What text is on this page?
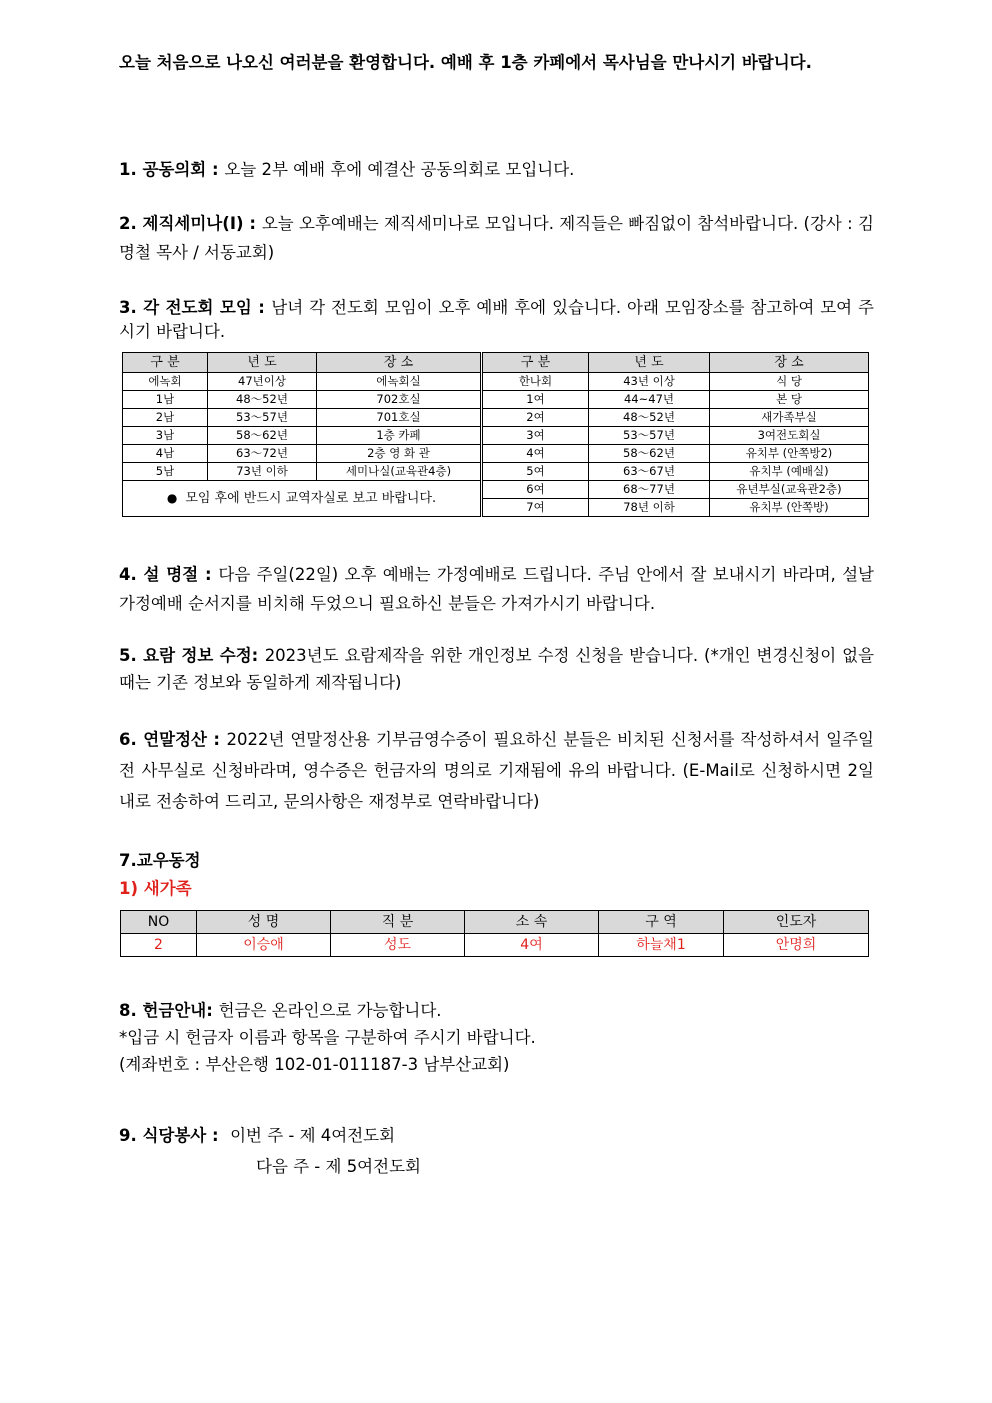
오늘 처음으로 나오신 여러분을 환영합니다. 예배 후 1층 카페에서 목사님을 만나시기 바랍니다.

1. 공동의회 : 오늘 2부 예배 후에 예결산 공동의회로 모입니다.
2. 제직세미나(Ⅰ) : 오늘 오후예배는 제직세미나로 모입니다. 제직들은 빠짐없이 참석바랍니다. (강사 : 김명철 목사 / 서동교회)
3. 각 전도회 모임 : 남녀 각 전도회 모임이 오후 예배 후에 있습니다. 아래 모임장소를 참고하여 모여 주시기 바랍니다.
구 분	년 도	장 소
에녹회	47년이상	에녹회실
1남	48～52년	702호실
2남	53～57년	701호실
3남	58～62년	1층 카페
4남	63～72년	2층 영 화 관
5남	73년 이하	세미나실(교육관4층)
● 모임 후에 반드시 교역자실로 보고 바랍니다.		
구 분	년 도	장 소
한나회	43년 이상	식 당
1여	44~47년	본 당
2여	48～52년	새가족부실
3여	53～57년	3여전도회실
4여	58～62년	유치부 (안쪽방2)
5여	63～67년	유치부 (예배실)
6여	68～77년	유년부실(교육관2층)
7여	78년 이하	유치부 (안쪽방)
4. 설 명절 : 다음 주일(22일) 오후 예배는 가정예배로 드립니다. 주님 안에서 잘 보내시기 바라며, 설날 가정예배 순서지를 비치해 두었으니 필요하신 분들은 가져가시기 바랍니다.
5. 요람 정보 수정: 2023년도 요람제작을 위한 개인정보 수정 신청을 받습니다. (*개인 변경신청이 없을 때는 기존 정보와 동일하게 제작됩니다)
6. 연말정산 : 2022년 연말정산용 기부금영수증이 필요하신 분들은 비치된 신청서를 작성하셔서 일주일전 사무실로 신청바라며, 영수증은 헌금자의 명의로 기재됨에 유의 바랍니다. (E-Mail로 신청하시면 2일내로 전송하여 드리고, 문의사항은 재정부로 연락바랍니다)
7.교우동정
1) 새가족
NO	성 명	직 분	소 속	구 역	인도자
2	이승애	성도	4여	하늘채1	안명희
8. 헌금안내: 헌금은 온라인으로 가능합니다.
*입금 시 헌금자 이름과 항목을 구분하여 주시기 바랍니다.
(계좌번호 : 부산은행 102-01-011187-3 남부산교회)
9. 식당봉사 :  이번 주 - 제 4여전도회
다음 주 - 제 5여전도회
